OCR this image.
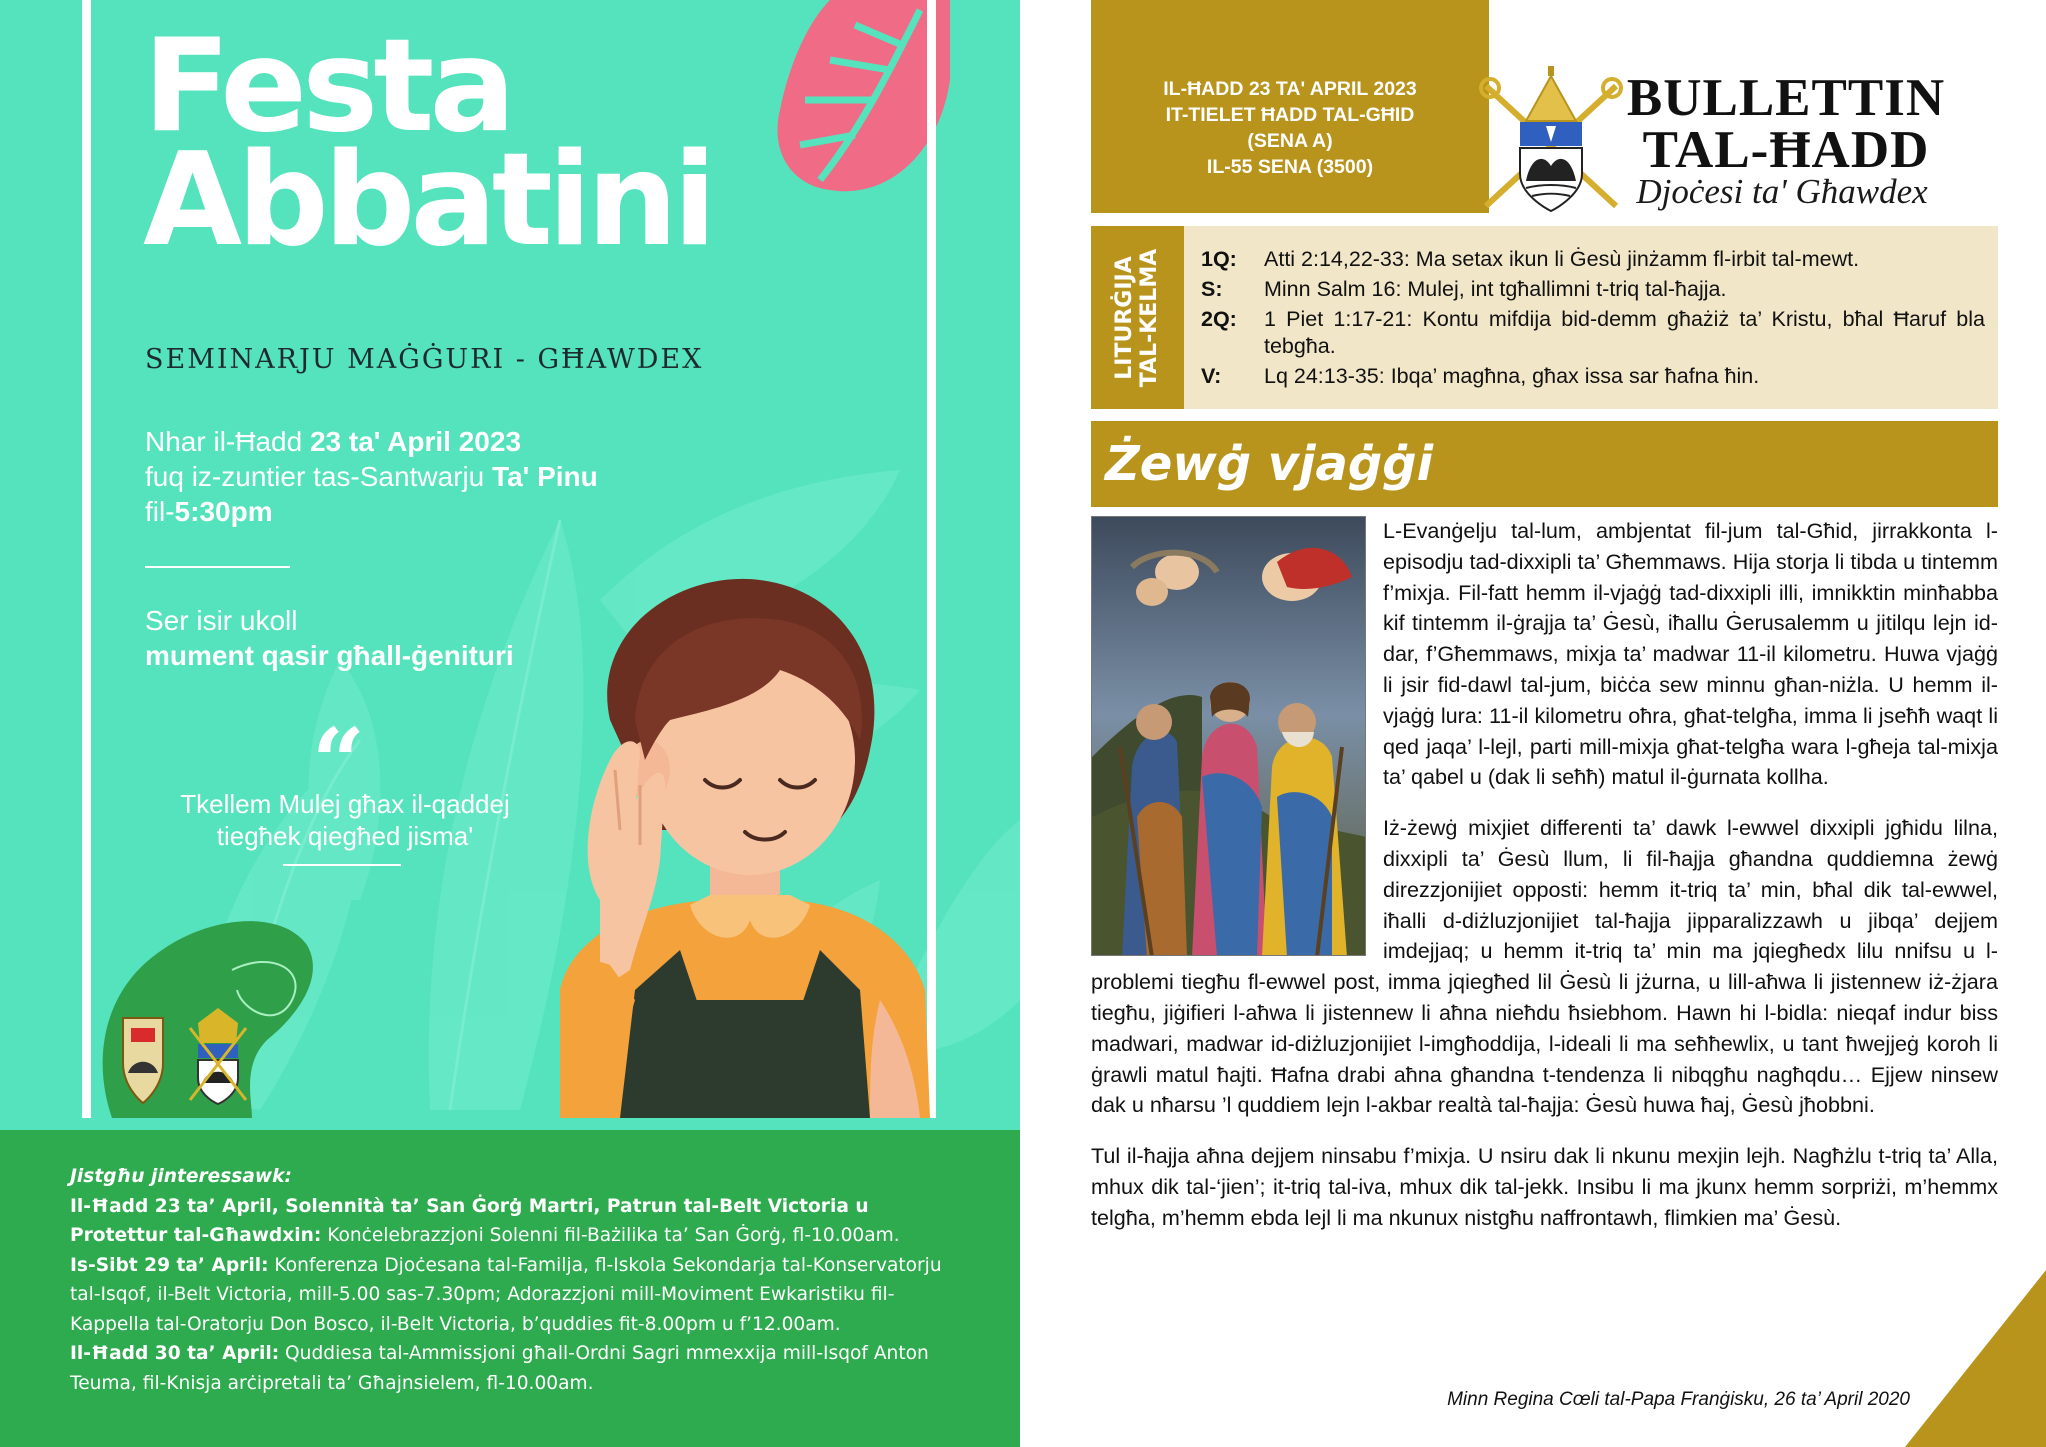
Festa
Abbatini
SEMINARJU MAĠĠURI - GĦAWDEX
Nhar il-Ħadd 23 ta' April 2023
fuq iz-zuntier tas-Santwarju Ta' Pinu
fil-5:30pm
Ser isir ukoll
mument qasir għall-ġenituri
“
Tkellem Mulej għax il-qaddej
tiegħek qiegħed jisma'
Jistgħu jinteressawk:
Il-Ħadd 23 ta’ April, Solennità ta’ San Ġorġ Martri, Patrun tal-Belt Victoria u Protettur tal-Għawdxin: Konċelebrazzjoni Solenni fil-Bażilika ta’ San Ġorġ, fl-10.00am.
Is-Sibt 29 ta’ April: Konferenza Djoċesana tal-Familja, fl-Iskola Sekondarja tal-Konservatorju tal-Isqof, il-Belt Victoria, mill-5.00 sas-7.30pm; Adorazzjoni mill-Moviment Ewkaristiku fil-Kappella tal-Oratorju Don Bosco, il-Belt Victoria, b’quddies fit-8.00pm u f’12.00am.
Il-Ħadd 30 ta’ April: Quddiesa tal-Ammissjoni għall-Ordni Sagri mmexxija mill-Isqof Anton Teuma, fil-Knisja arċipretali ta’ Għajnsielem, fl-10.00am.
IL-ĦADD 23 TA' APRIL 2023
IT-TIELET ĦADD TAL-GĦID
(SENA A)
IL-55 SENA (3500)
BULLETTIN
TAL-ĦADD
Djoċesi ta' Għawdex
LITURĠIJA TAL-KELMA 1Q:	Atti 2:14,22-33: Ma setax ikun li Ġesù jinżamm fl-irbit tal-mewt.
S:	Minn Salm 16: Mulej, int tgħallimni t-triq tal-ħajja.
2Q:	1 Piet 1:17-21: Kontu mifdija bid-demm għażiż ta’ Kristu, bħal Ħaruf bla tebgħa.
V:	Lq 24:13-35: Ibqa’ magħna, għax issa sar ħafna ħin.
Żewġ vjaġġi

L-Evanġelju tal-lum, ambjentat fil-jum tal-Għid, jirrakkonta l-episodju tad-dixxipli ta’ Għemmaws. Hija storja li tibda u tintemm f’mixja. Fil-fatt hemm il-vjaġġ tad-dixxipli illi, imnikktin minħabba kif tintemm il-ġrajja ta’ Ġesù, iħallu Ġerusalemm u jitilqu lejn id-dar, f’Għemmaws, mixja ta’ madwar 11-il kilometru. Huwa vjaġġ li jsir fid-dawl tal-jum, biċċa sew minnu għan-niżla. U hemm il-vjaġġ lura: 11-il kilometru oħra, għat-telgħa, imma li jseħħ waqt li qed jaqa’ l-lejl, parti mill-mixja għat-telgħa wara l-għeja tal-mixja ta’ qabel u (dak li seħħ) matul il-ġurnata kollha.

Iż-żewġ mixjiet differenti ta’ dawk l-ewwel dixxipli jgħidu lilna, dixxipli ta’ Ġesù llum, li fil-ħajja għandna quddiemna żewġ direzzjonijiet opposti: hemm it-triq ta’ min, bħal dik tal-ewwel, iħalli d-diżluzjonijiet tal-ħajja jipparalizzawh u jibqa’ dejjem imdejjaq; u hemm it-triq ta’ min ma jqiegħedx lilu nnifsu u l-problemi tiegħu fl-ewwel post, imma jqiegħed lil Ġesù li jżurna, u lill-aħwa li jistennew iż-żjara tiegħu, jiġifieri l-aħwa li jistennew li aħna nieħdu ħsiebhom. Hawn hi l-bidla: nieqaf indur biss madwari, madwar id-diżluzjonijiet l-imgħoddija, l-ideali li ma seħħewlix, u tant ħwejjeġ koroh li ġrawli matul ħajti. Ħafna drabi aħna għandna t-tendenza li nibqgħu nagħqdu… Ejjew ninsew dak u nħarsu ’l quddiem lejn l-akbar realtà tal-ħajja: Ġesù huwa ħaj, Ġesù jħobbni.

Tul il-ħajja aħna dejjem ninsabu f’mixja. U nsiru dak li nkunu mexjin lejh. Nagħżlu t-triq ta’ Alla, mhux dik tal-‘jien’; it-triq tal-iva, mhux dik tal-jekk. Insibu li ma jkunx hemm sorpriżi, m’hemmx telgħa, m’hemm ebda lejl li ma nkunux nistgħu naffrontawh, flimkien ma’ Ġesù.

Minn Regina Cœli tal-Papa Franġisku, 26 ta’ April 2020
